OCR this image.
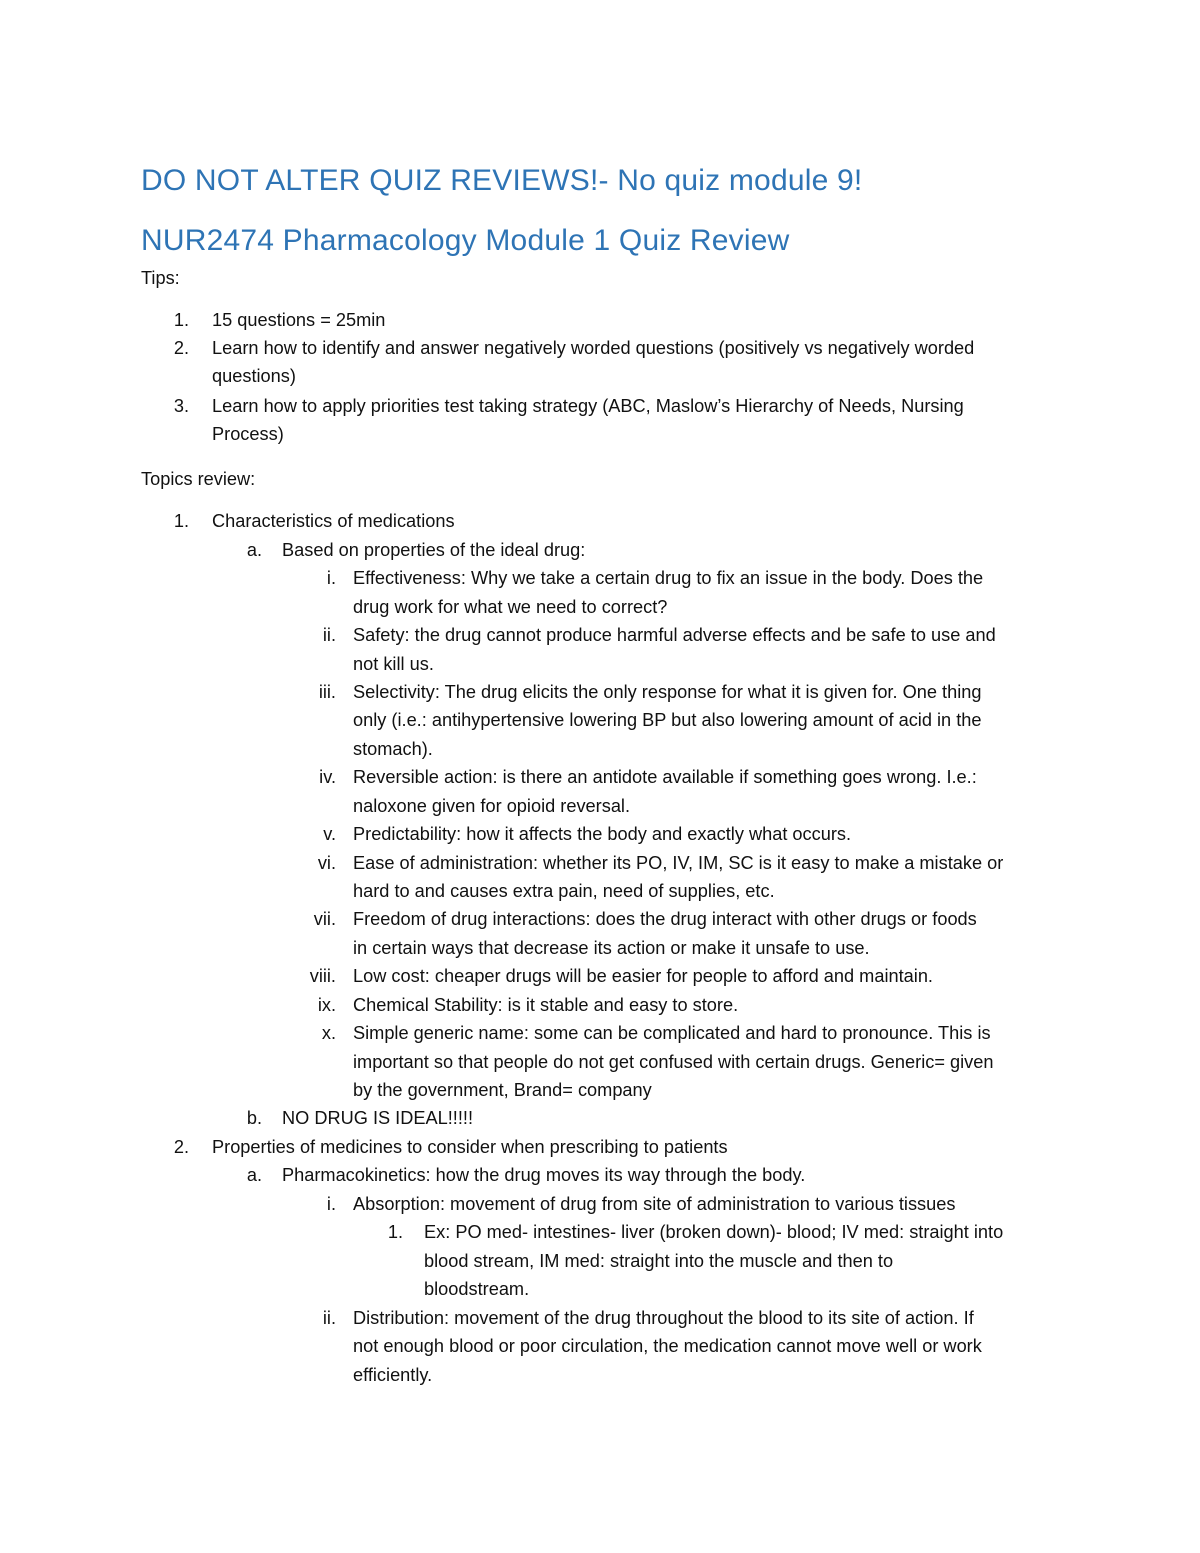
DO NOT ALTER QUIZ REVIEWS!- No quiz module 9!
NUR2474 Pharmacology Module 1 Quiz Review
Tips:
1. 15 questions = 25min
2. Learn how to identify and answer negatively worded questions (positively vs negatively worded
questions)
3. Learn how to apply priorities test taking strategy (ABC, Maslow’s Hierarchy of Needs, Nursing
Process)
Topics review:
1. Characteristics of medications
a. Based on properties of the ideal drug:
i. Effectiveness: Why we take a certain drug to fix an issue in the body. Does the
drug work for what we need to correct?
ii. Safety: the drug cannot produce harmful adverse effects and be safe to use and
not kill us.
iii. Selectivity: The drug elicits the only response for what it is given for. One thing
only (i.e.: antihypertensive lowering BP but also lowering amount of acid in the
stomach).
iv. Reversible action: is there an antidote available if something goes wrong. I.e.:
naloxone given for opioid reversal.
v. Predictability: how it affects the body and exactly what occurs.
vi. Ease of administration: whether its PO, IV, IM, SC is it easy to make a mistake or
hard to and causes extra pain, need of supplies, etc.
vii. Freedom of drug interactions: does the drug interact with other drugs or foods
in certain ways that decrease its action or make it unsafe to use.
viii. Low cost: cheaper drugs will be easier for people to afford and maintain.
ix. Chemical Stability: is it stable and easy to store.
x. Simple generic name: some can be complicated and hard to pronounce. This is
important so that people do not get confused with certain drugs. Generic= given
by the government, Brand= company
b. NO DRUG IS IDEAL!!!!!
2. Properties of medicines to consider when prescribing to patients
a. Pharmacokinetics: how the drug moves its way through the body.
i. Absorption: movement of drug from site of administration to various tissues
1. Ex: PO med- intestines- liver (broken down)- blood; IV med: straight into
blood stream, IM med: straight into the muscle and then to
bloodstream.
ii. Distribution: movement of the drug throughout the blood to its site of action. If
not enough blood or poor circulation, the medication cannot move well or work
efficiently.
